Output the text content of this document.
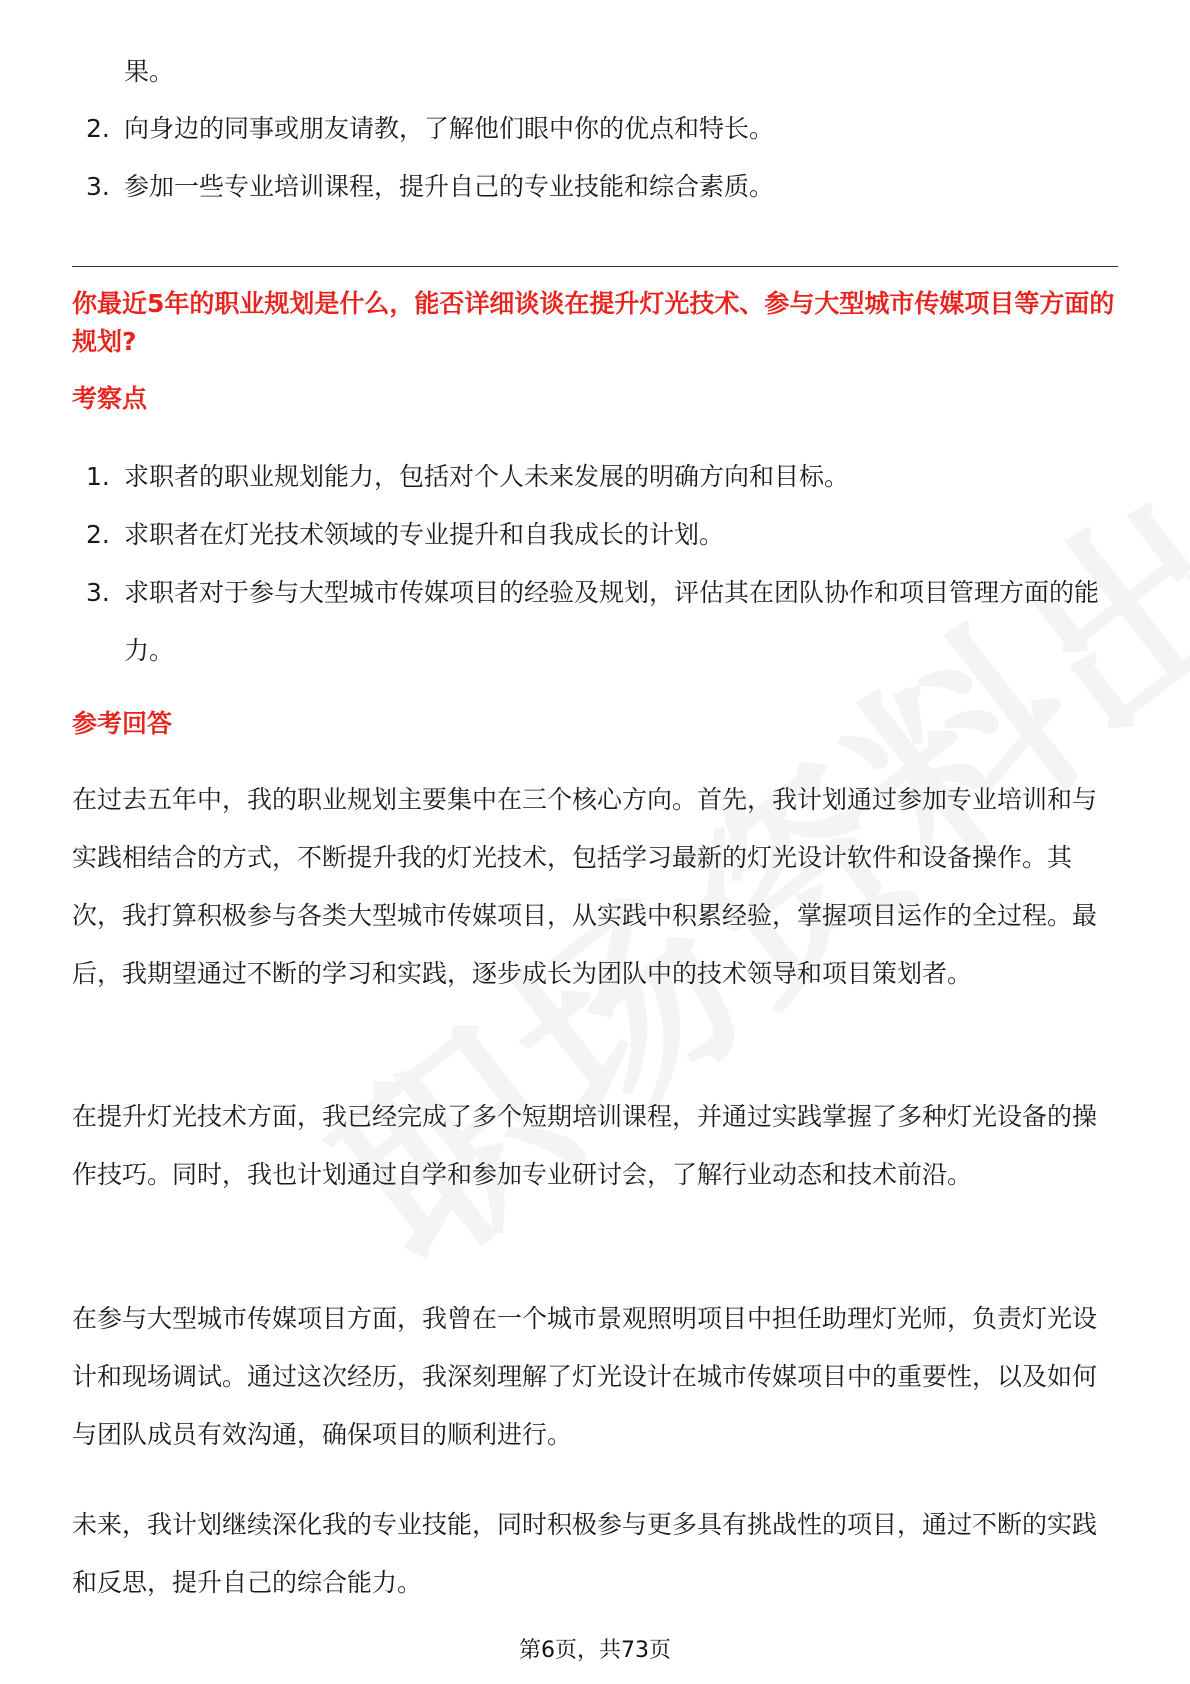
果。
2. 向身边的同事或朋友请教，了解他们眼中你的优点和特长。
3. 参加一些专业培训课程，提升自己的专业技能和综合素质。
你最近5年的职业规划是什么，能否详细谈谈在提升灯光技术、参与大型城市传媒项目等方面的规划?
考察点
1. 求职者的职业规划能力，包括对个人未来发展的明确方向和目标。
2. 求职者在灯光技术领域的专业提升和自我成长的计划。
3. 求职者对于参与大型城市传媒项目的经验及规划，评估其在团队协作和项目管理方面的能力。
参考回答

在过去五年中，我的职业规划主要集中在三个核心方向。首先，我计划通过参加专业培训和与实践相结合的方式，不断提升我的灯光技术，包括学习最新的灯光设计软件和设备操作。其次，我打算积极参与各类大型城市传媒项目，从实践中积累经验，掌握项目运作的全过程。最后，我期望通过不断的学习和实践，逐步成长为团队中的技术领导和项目策划者。

在提升灯光技术方面，我已经完成了多个短期培训课程，并通过实践掌握了多种灯光设备的操作技巧。同时，我也计划通过自学和参加专业研讨会，了解行业动态和技术前沿。

在参与大型城市传媒项目方面，我曾在一个城市景观照明项目中担任助理灯光师，负责灯光设计和现场调试。通过这次经历，我深刻理解了灯光设计在城市传媒项目中的重要性，以及如何与团队成员有效沟通，确保项目的顺利进行。

未来，我计划继续深化我的专业技能，同时积极参与更多具有挑战性的项目，通过不断的实践和反思，提升自己的综合能力。

第6页，共73页
